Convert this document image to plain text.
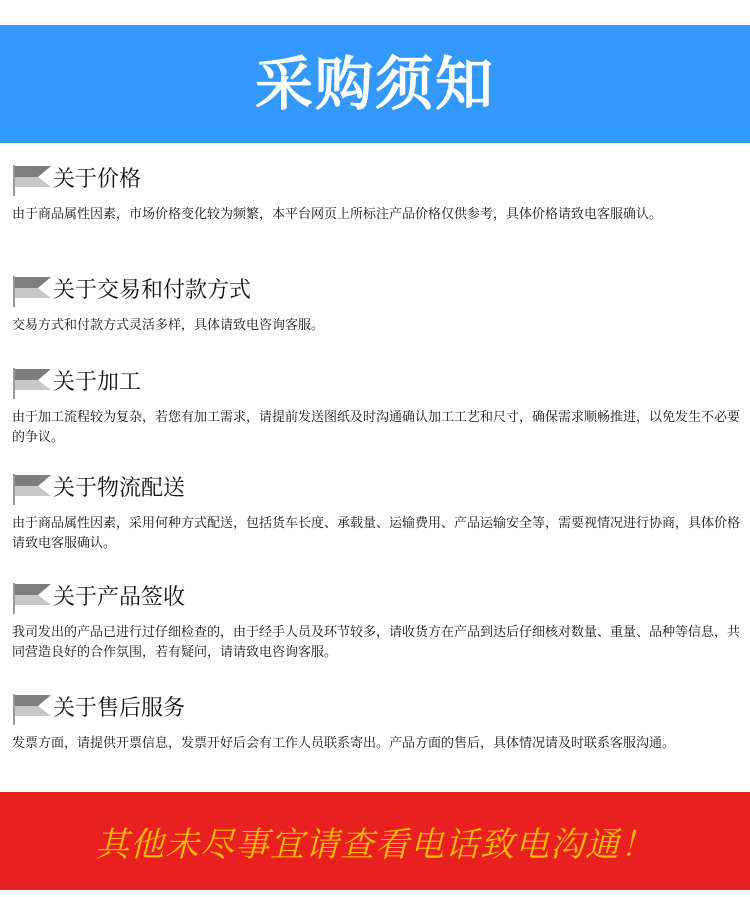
采购须知
关于价格
由于商品属性因素，市场价格变化较为频繁，本平台网页上所标注产品价格仅供参考，具体价格请致电客服确认。
关于交易和付款方式
交易方式和付款方式灵活多样，具体请致电咨询客服。
关于加工
由于加工流程较为复杂，若您有加工需求，请提前发送图纸及时沟通确认加工工艺和尺寸，确保需求顺畅推进，以免发生不必要的争议。
关于物流配送
由于商品属性因素，采用何种方式配送，包括货车长度、承载量、运输费用、产品运输安全等，需要视情况进行协商，具体价格请致电客服确认。
关于产品签收
我司发出的产品已进行过仔细检查的，由于经手人员及环节较多，请收货方在产品到达后仔细核对数量、重量、品种等信息，共同营造良好的合作氛围，若有疑问，请请致电咨询客服。
关于售后服务
发票方面，请提供开票信息，发票开好后会有工作人员联系寄出。产品方面的售后，具体情况请及时联系客服沟通。
其他未尽事宜请查看电话致电沟通！
